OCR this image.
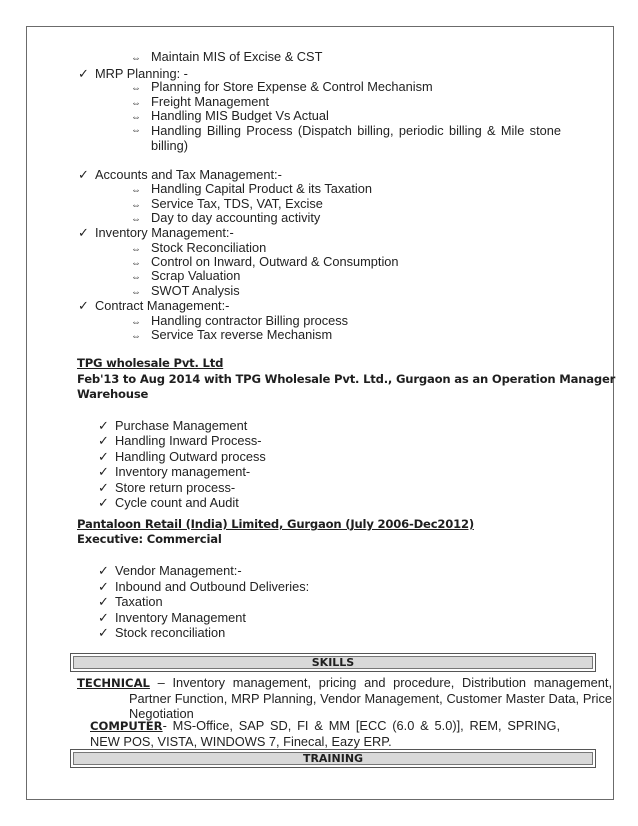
⇔ Maintain MIS of Excise & CST
✓ MRP Planning: -
⇔ Planning for Store Expense & Control Mechanism
⇔ Freight Management
⇔ Handling MIS Budget Vs Actual
⇔ Handling Billing Process (Dispatch billing, periodic billing & Mile stone billing)
✓ Accounts and Tax Management:-
⇔ Handling Capital Product & its Taxation
⇔ Service Tax, TDS, VAT, Excise
⇔ Day to day accounting activity
✓ Inventory Management:-
⇔ Stock Reconciliation
⇔ Control on Inward, Outward & Consumption
⇔ Scrap Valuation
⇔ SWOT Analysis
✓ Contract Management:-
⇔ Handling contractor Billing process
⇔ Service Tax reverse Mechanism
TPG wholesale Pvt. Ltd
Feb'13 to Aug 2014 with TPG Wholesale Pvt. Ltd., Gurgaon as an Operation Manager
Warehouse
✓ Purchase Management
✓ Handling Inward Process-
✓ Handling Outward process
✓ Inventory management-
✓ Store return process-
✓ Cycle count and Audit
Pantaloon Retail (India) Limited, Gurgaon (July 2006-Dec2012)
Executive: Commercial
✓ Vendor Management:-
✓ Inbound and Outbound Deliveries:
✓ Taxation
✓ Inventory Management
✓ Stock reconciliation
SKILLS
TECHNICAL – Inventory management, pricing and procedure, Distribution management, Partner Function, MRP Planning, Vendor Management, Customer Master Data, Price Negotiation
COMPUTER- MS-Office, SAP SD, FI & MM [ECC (6.0 & 5.0)], REM, SPRING, NEW POS, VISTA, WINDOWS 7, Finecal, Eazy ERP.
TRAINING
